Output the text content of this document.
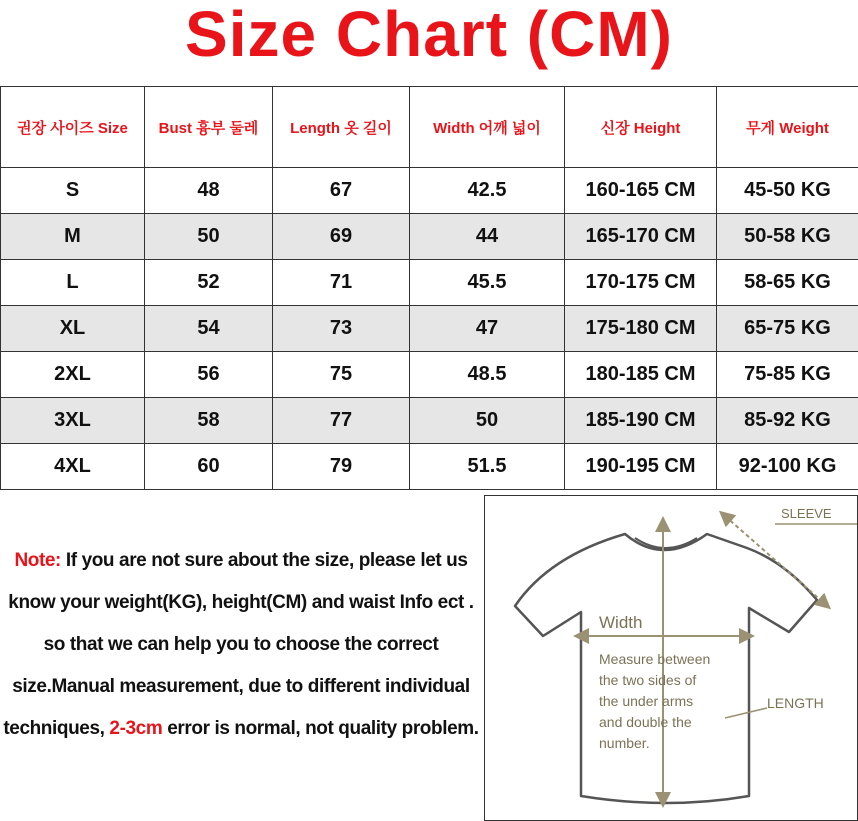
Size Chart (CM)
권장 사이즈 Size	Bust 흉부 둘레	Length 옷 길이	Width 어깨 넓이	신장 Height	무게 Weight
S	48	67	42.5	160-165 CM	45-50 KG
M	50	69	44	165-170 CM	50-58 KG
L	52	71	45.5	170-175 CM	58-65 KG
XL	54	73	47	175-180 CM	65-75 KG
2XL	56	75	48.5	180-185 CM	75-85 KG
3XL	58	77	50	185-190 CM	85-92 KG
4XL	60	79	51.5	190-195 CM	92-100 KG
Note: If you are not sure about the size, please let us
know your weight(KG), height(CM) and waist Info ect .
so that we can help you to choose the correct
size.Manual measurement, due to different individual
techniques, 2-3cm error is normal, not quality problem.
SLEEVE
Width
LENGTH
Measure between
the two sides of
the under arms
and double the
number.
